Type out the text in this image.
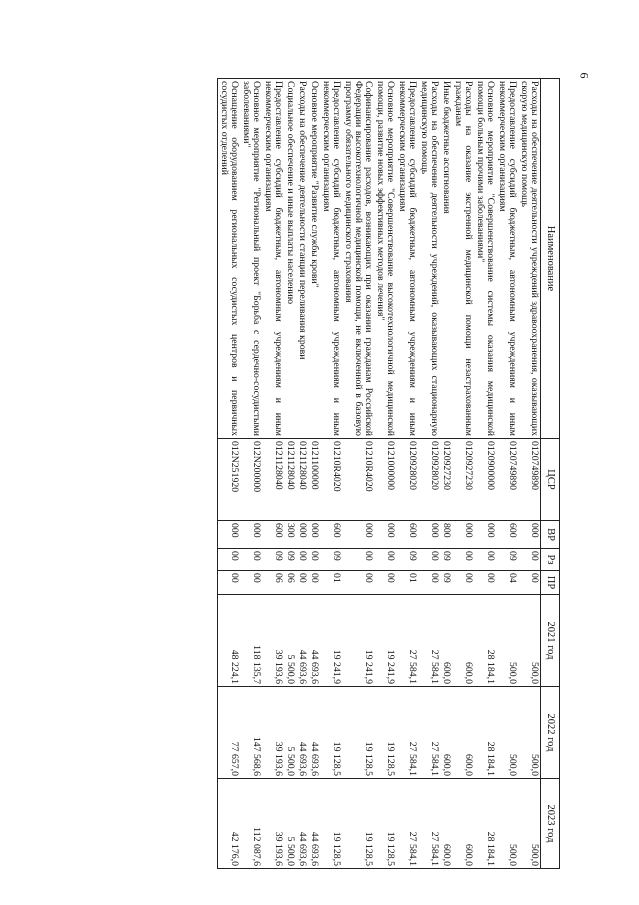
6
Наименование	ЦСР	ВР	Рз	ПР	2021 год	2022 год	2023 год
Расходы на обеспечение деятельности учреждений здравоохранения, оказывающих скорую медицинскую помощь	0120749890	000	00	00	500,0	500,0	500,0
Предоставление субсидий бюджетным, автономным учреждениям и иным некоммерческим организациям	0120749890	600	09	04	500,0	500,0	500,0
Основное мероприятие "Совершенствование системы оказания медицинской помощи больным прочими заболеваниями"	0120900000	000	00	00	28 184,1	28 184,1	28 184,1
Расходы на оказание экстренной медицинской помощи незастрахованным гражданам	0120927230	000	00	00	600,0	600,0	600,0
Иные бюджетные ассигнования	0120927230	800	09	09	600,0	600,0	600,0
Расходы на обеспечение деятельности учреждений, оказывающих стационарную медицинскую помощь	0120928020	000	00	00	27 584,1	27 584,1	27 584,1
Предоставление субсидий бюджетным, автономным учреждениям и иным некоммерческим организациям	0120928020	600	09	01	27 584,1	27 584,1	27 584,1
Основное мероприятие "Совершенствование высокотехнологичной медицинской помощи, развитие новых эффективных методов лечения"	0121000000	000	00	00	19 241,9	19 128,5	19 128,5
Софинансирование расходов, возникающих при оказании гражданам Российской Федерации высокотехнологичной медицинской помощи, не включенной в базовую программу обязательного медицинского страхования	01210R4020	000	00	00	19 241,9	19 128,5	19 128,5
Предоставление субсидий бюджетным, автономным учреждениям и иным некоммерческим организациям	01210R4020	600	09	01	19 241,9	19 128,5	19 128,5
Основное мероприятие "Развитие службы крови"	0121100000	000	00	00	44 693,6	44 693,6	44 693,6
Расходы на обеспечение деятельности станции переливания крови	0121128040	000	00	00	44 693,6	44 693,6	44 693,6
Социальное обеспечение и иные выплаты населению	0121128040	300	09	06	5 500,0	5 500,0	5 500,0
Предоставление субсидий бюджетным, автономным учреждениям и иным некоммерческим организациям	0121128040	600	09	06	39 193,6	39 193,6	39 193,6
Основное мероприятие "Региональный проект "Борьба с сердечно-сосудистыми заболеваниями"	012N200000	000	00	00	118 135,7	147 568,6	112 087,6
Оснащение оборудованием региональных сосудистых центров и первичных сосудистых отделений	012N251920	000	00	00	48 224,1	77 657,0	42 176,0
